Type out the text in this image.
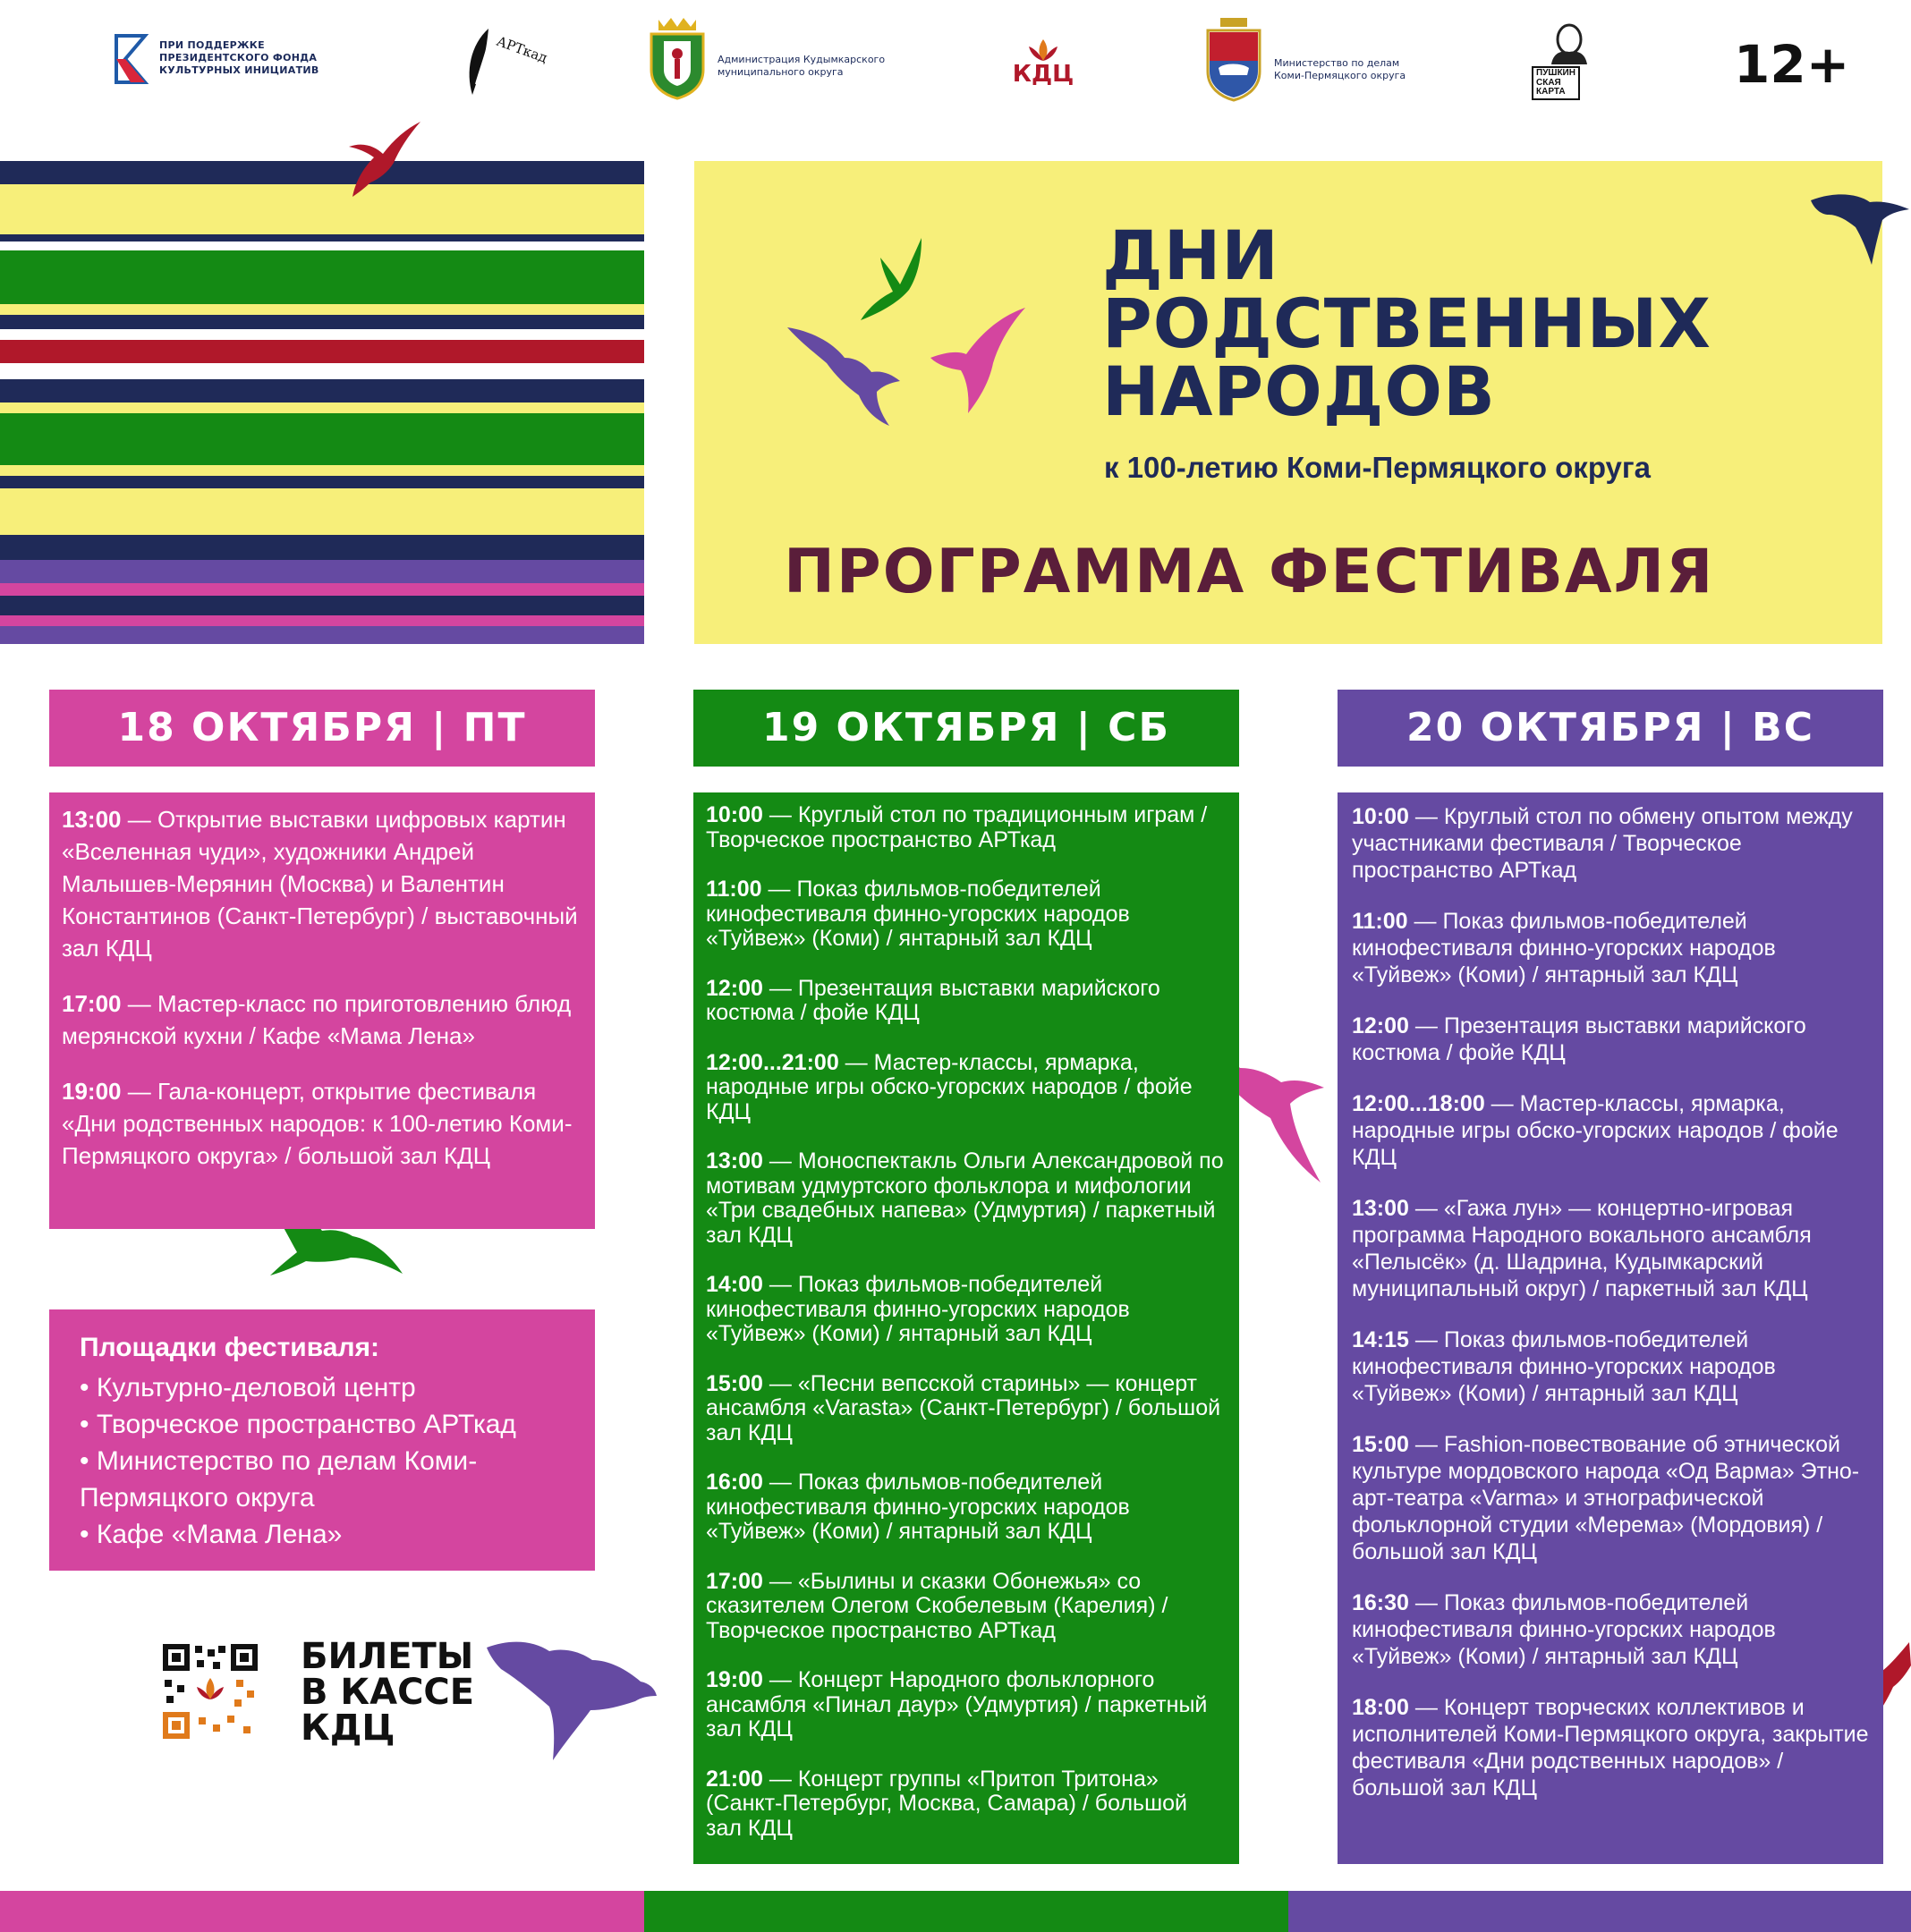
ПРИ ПОДДЕРЖКЕ
ПРЕЗИДЕНТСКОГО ФОНДА
КУЛЬТУРНЫХ ИНИЦИАТИВ
АРТкад	Администрация Кудымкарского
муниципального округа	КДЦ	Министерство по делам
Коми-Пермяцкого округа	ПУШКИН
СКАЯ
КАРТА	12+
ДНИ
РОДСТВЕННЫХ
НАРОДОВ
к 100-летию Коми-Пермяцкого округа
ПРОГРАММА ФЕСТИВАЛЯ
18 ОКТЯБРЯ | ПТ	19 ОКТЯБРЯ | СБ	20 ОКТЯБРЯ | ВС

13:00 — Открытие выставки цифровых картин «Вселенная чуди», художники Андрей Малышев-Мерянин (Москва) и Валентин Константинов (Санкт-Петербург) / выставочный зал КДЦ

17:00 — Мастер-класс по приготовлению блюд мерянской кухни / Кафе «Мама Лена»

19:00 — Гала-концерт, открытие фестиваля «Дни родственных народов: к 100-летию Коми-Пермяцкого округа» / большой зал КДЦ

10:00 — Круглый стол по традиционным играм / Творческое пространство АРТкад

11:00 — Показ фильмов-победителей кинофестиваля финно-угорских народов «Туйвеж» (Коми) / янтарный зал КДЦ

12:00 — Презентация выставки марийского костюма / фойе КДЦ

12:00...21:00 — Мастер-классы, ярмарка, народные игры обско-угорских народов / фойе КДЦ

13:00 — Моноспектакль Ольги Александровой по мотивам удмуртского фольклора и мифологии «Три свадебных напева» (Удмуртия) / паркетный зал КДЦ

14:00 — Показ фильмов-победителей кинофестиваля финно-угорских народов «Туйвеж» (Коми) / янтарный зал КДЦ

15:00 — «Песни вепсской старины» — концерт ансамбля «Varasta» (Санкт-Петербург) / большой зал КДЦ

16:00 — Показ фильмов-победителей кинофестиваля финно-угорских народов «Туйвеж» (Коми) / янтарный зал КДЦ

17:00 — «Былины и сказки Обонежья» со сказителем Олегом Скобелевым (Карелия) / Творческое пространство АРТкад

19:00 — Концерт Народного фольклорного ансамбля «Пинал даур» (Удмуртия) / паркетный зал КДЦ

21:00 — Концерт группы «Притоп Тритона» (Санкт-Петербург, Москва, Самара) / большой зал КДЦ

10:00 — Круглый стол по обмену опытом между участниками фестиваля / Творческое пространство АРТкад

11:00 — Показ фильмов-победителей кинофестиваля финно-угорских народов «Туйвеж» (Коми) / янтарный зал КДЦ

12:00 — Презентация выставки марийского костюма / фойе КДЦ

12:00...18:00 — Мастер-классы, ярмарка, народные игры обско-угорских народов / фойе КДЦ

13:00 — «Гажа лун» — концертно-игровая программа Народного вокального ансамбля «Пелысёк» (д. Шадрина, Кудымкарский муниципальный округ) / паркетный зал КДЦ

14:15 — Показ фильмов-победителей кинофестиваля финно-угорских народов «Туйвеж» (Коми) / янтарный зал КДЦ

15:00 — Fashion-повествование об этнической культуре мордовского народа «Од Варма» Этно-арт-театра «Varma» и этнографической фольклорной студии «Мерема» (Мордовия) / большой зал КДЦ

16:30 — Показ фильмов-победителей кинофестиваля финно-угорских народов «Туйвеж» (Коми) / янтарный зал КДЦ

18:00 — Концерт творческих коллективов и исполнителей Коми-Пермяцкого округа, закрытие фестиваля «Дни родственных народов» / большой зал КДЦ

Площадки фестиваля:
• Культурно-деловой центр
• Творческое пространство АРТкад
• Министерство по делам Коми-Пермяцкого округа
• Кафе «Мама Лена»
БИЛЕТЫ
В КАССЕ
КДЦ
